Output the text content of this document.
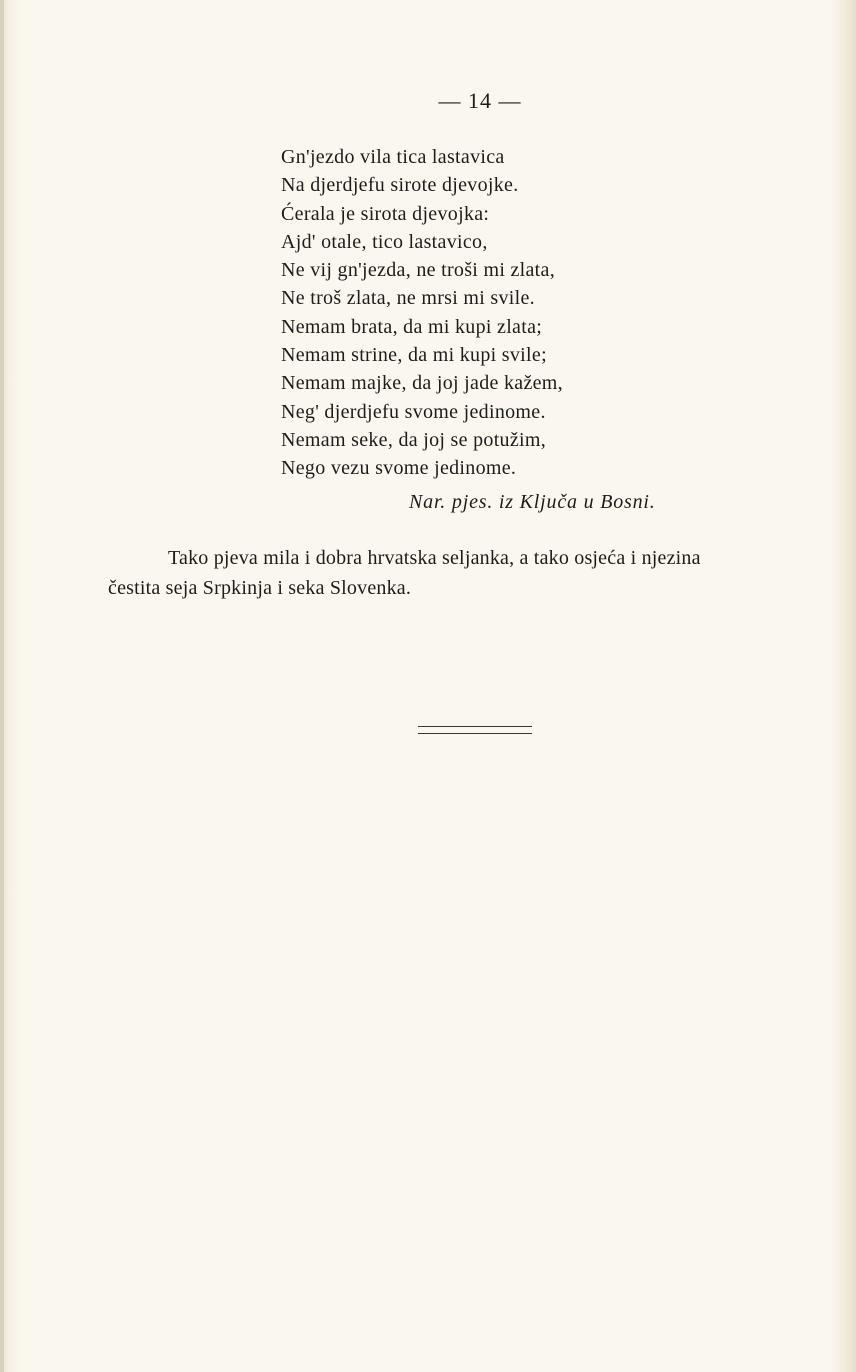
— 14 —
Gn'jezdo vila tica lastavica
Na djerdjefu sirote djevojke.
Ćerala je sirota djevojka:
Ajd' otale, tico lastavico,
Ne vij gn'jezda, ne troši mi zlata,
Ne troš zlata, ne mrsi mi svile.
Nemam brata, da mi kupi zlata;
Nemam strine, da mi kupi svile;
Nemam majke, da joj jade kažem,
Neg' djerdjefu svome jedinome.
Nemam seke, da joj se potužim,
Nego vezu svome jedinome.
Nar. pjes. iz Ključa u Bosni.
Tako pjeva mila i dobra hrvatska seljanka, a tako osjeća i njezina
čestita seja Srpkinja i seka Slovenka.
